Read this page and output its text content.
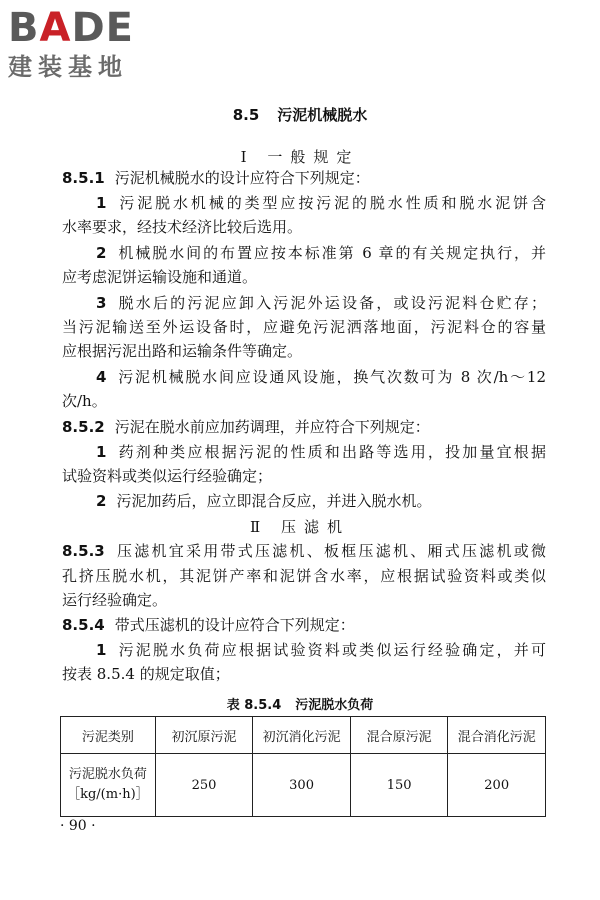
BADE
建装基地
8.5 污泥机械脱水
Ⅰ 一般规定
8.5.1 污泥机械脱水的设计应符合下列规定：
1 污泥脱水机械的类型应按污泥的脱水性质和脱水泥饼含
水率要求，经技术经济比较后选用。
2 机械脱水间的布置应按本标准第 6 章的有关规定执行，并
应考虑泥饼运输设施和通道。
3 脱水后的污泥应卸入污泥外运设备，或设污泥料仓贮存；
当污泥输送至外运设备时，应避免污泥洒落地面，污泥料仓的容量
应根据污泥出路和运输条件等确定。
4 污泥机械脱水间应设通风设施，换气次数可为 8 次/h～12
次/h。
8.5.2 污泥在脱水前应加药调理，并应符合下列规定：
1 药剂种类应根据污泥的性质和出路等选用，投加量宜根据
试验资料或类似运行经验确定；
2 污泥加药后，应立即混合反应，并进入脱水机。
Ⅱ 压滤机
8.5.3 压滤机宜采用带式压滤机、板框压滤机、厢式压滤机或微
孔挤压脱水机，其泥饼产率和泥饼含水率，应根据试验资料或类似
运行经验确定。
8.5.4 带式压滤机的设计应符合下列规定：
1 污泥脱水负荷应根据试验资料或类似运行经验确定，并可
按表 8.5.4 的规定取值；
表 8.5.4 污泥脱水负荷
污泥类别	初沉原污泥	初沉消化污泥	混合原污泥	混合消化污泥

污泥脱水负荷
［kg/(m·h)］	250	300	150	200
· 90 ·
